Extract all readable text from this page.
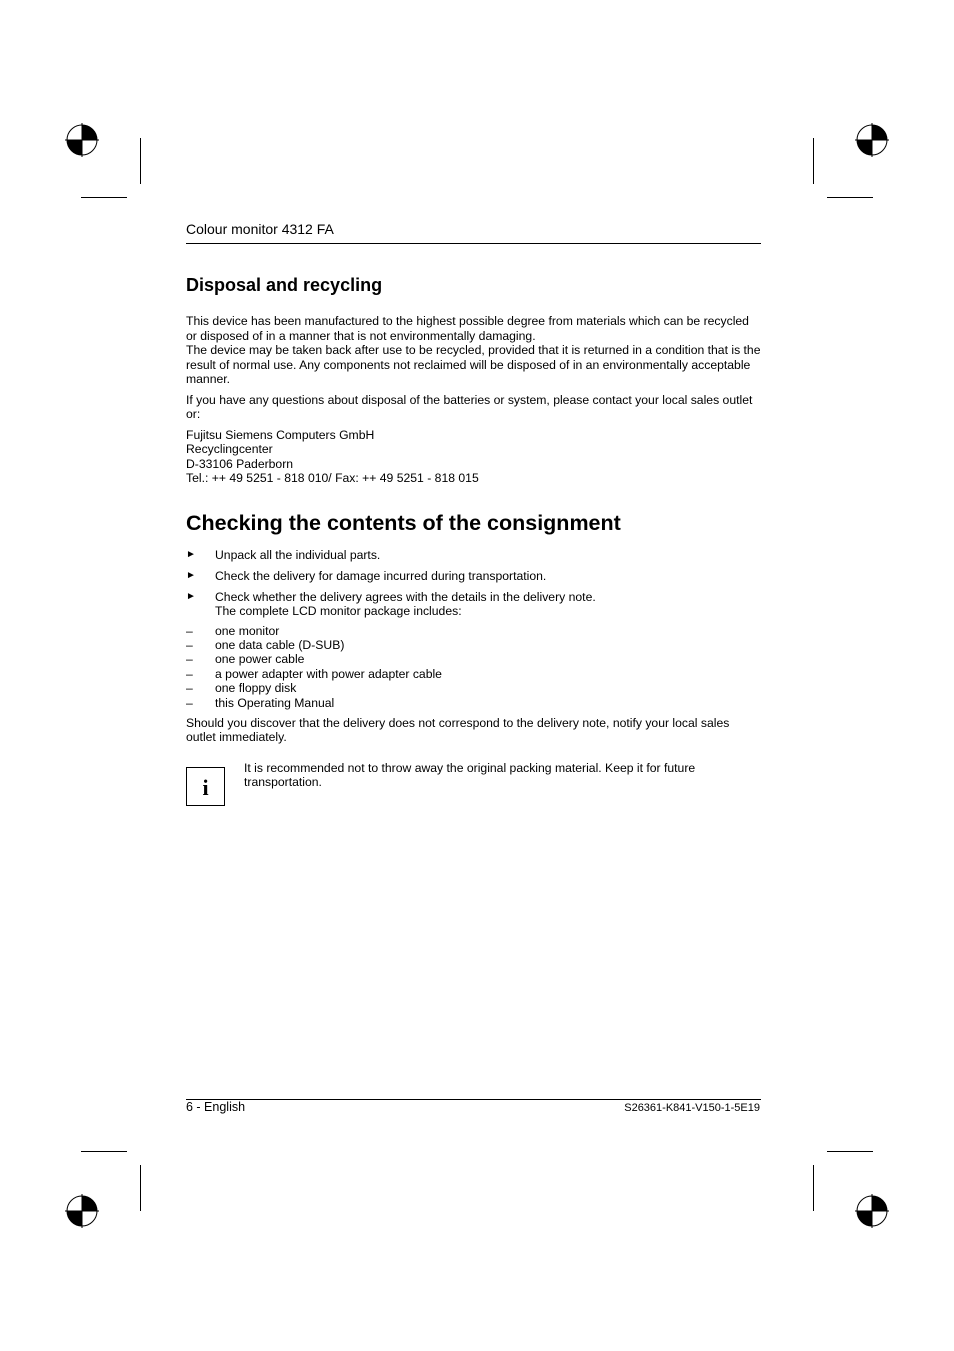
Colour monitor 4312 FA
Disposal and recycling

This device has been manufactured to the highest possible degree from materials which can be recycled or disposed of in a manner that is not environmentally damaging.

The device may be taken back after use to be recycled, provided that it is returned in a condition that is the result of normal use. Any components not reclaimed will be disposed of in an environmentally acceptable manner.

If you have any questions about disposal of the batteries or system, please contact your local sales outlet or:

Fujitsu Siemens Computers GmbH

Recyclingcenter

D-33106 Paderborn

Tel.: ++ 49 5251 - 818 010/ Fax: ++ 49 5251 - 818 015

Checking the contents of the consignment
► Unpack all the individual parts.
► Check the delivery for damage incurred during transportation.
► Check whether the delivery agrees with the details in the delivery note.
The complete LCD monitor package includes:
– one monitor
– one data cable (D-SUB)
– one power cable
– a power adapter with power adapter cable
– one floppy disk
– this Operating Manual

Should you discover that the delivery does not correspond to the delivery note, notify your local sales outlet immediately.

i
It is recommended not to throw away the original packing material. Keep it for future transportation.
6 - English	S26361-K841-V150-1-5E19
